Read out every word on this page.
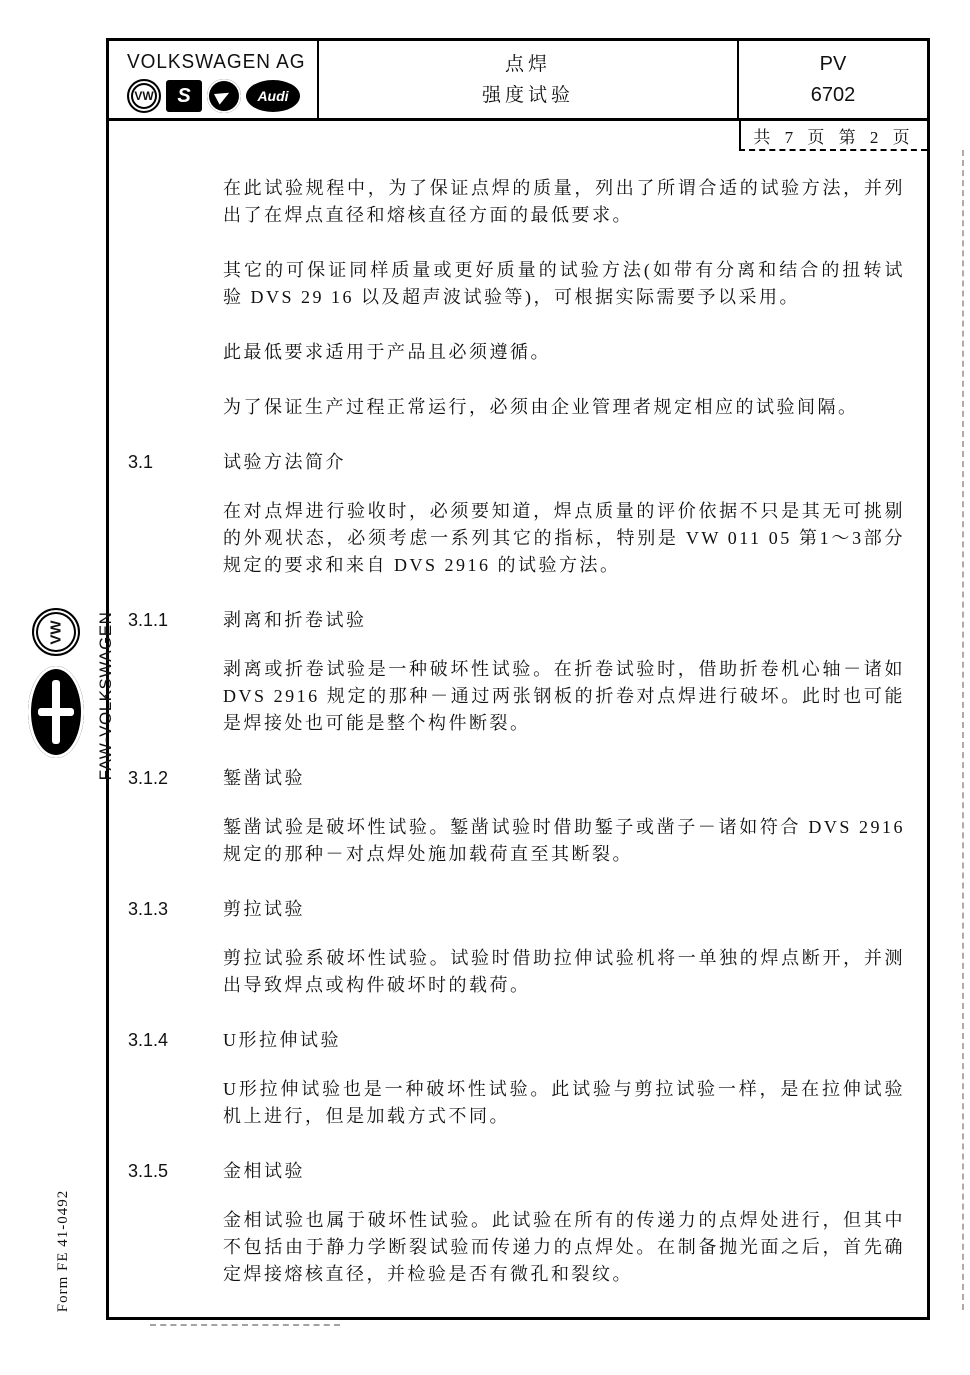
VOLKSWAGEN AG
VW	S	Audi
点焊
强度试验
PV
6702
共 7 页 第 2 页

在此试验规程中，为了保证点焊的质量，列出了所谓合适的试验方法，并列出了在焊点直径和熔核直径方面的最低要求。

其它的可保证同样质量或更好质量的试验方法(如带有分离和结合的扭转试验 DVS 29 16 以及超声波试验等)，可根据实际需要予以采用。

此最低要求适用于产品且必须遵循。

为了保证生产过程正常运行，必须由企业管理者规定相应的试验间隔。

3.1	试验方法简介

在对点焊进行验收时，必须要知道，焊点质量的评价依据不只是其无可挑剔的外观状态，必须考虑一系列其它的指标，特别是 VW 011 05 第1～3部分规定的要求和来自 DVS 2916 的试验方法。

3.1.1	剥离和折卷试验

剥离或折卷试验是一种破坏性试验。在折卷试验时，借助折卷机心轴－诸如 DVS 2916 规定的那种－通过两张钢板的折卷对点焊进行破坏。此时也可能是焊接处也可能是整个构件断裂。

3.1.2	錾凿试验

錾凿试验是破坏性试验。錾凿试验时借助錾子或凿子－诸如符合 DVS 2916规定的那种－对点焊处施加载荷直至其断裂。

3.1.3	剪拉试验

剪拉试验系破坏性试验。试验时借助拉伸试验机将一单独的焊点断开，并测出导致焊点或构件破坏时的载荷。

3.1.4	U形拉伸试验

U形拉伸试验也是一种破坏性试验。此试验与剪拉试验一样，是在拉伸试验机上进行，但是加载方式不同。

3.1.5	金相试验

金相试验也属于破坏性试验。此试验在所有的传递力的点焊处进行，但其中不包括由于静力学断裂试验而传递力的点焊处。在制备抛光面之后，首先确定焊接熔核直径，并检验是否有微孔和裂纹。

VW FAW-VOLKSWAGEN
Form FE 41-0492
